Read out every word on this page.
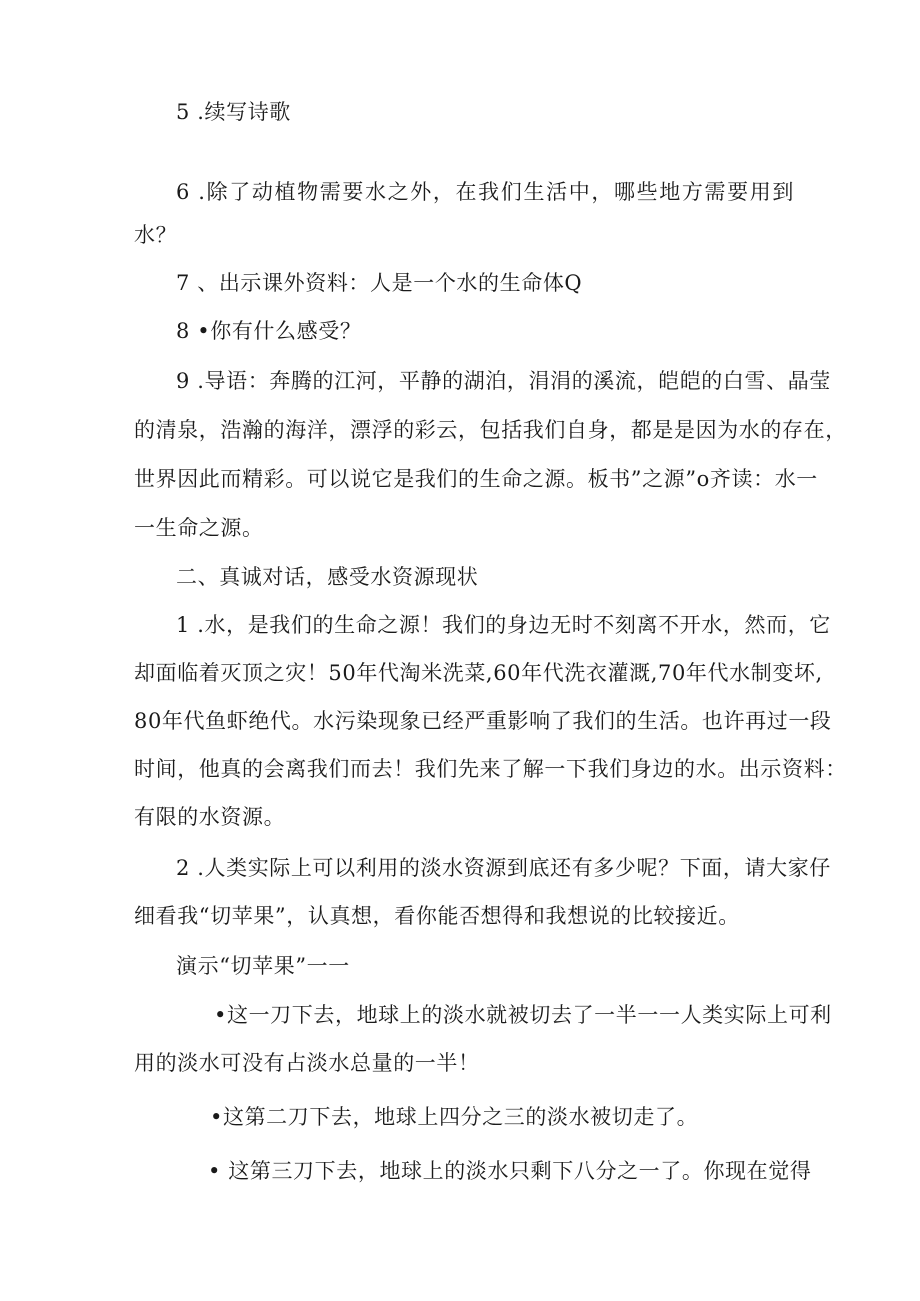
5 .续写诗歌
6 .除了动植物需要水之外，在我们生活中，哪些地方需要用到
水？
7 、出示课外资料：人是一个水的生命体Q
8 •你有什么感受？
9 .导语：奔腾的江河，平静的湖泊，涓涓的溪流，皑皑的白雪、晶莹
的清泉，浩瀚的海洋，漂浮的彩云，包括我们自身，都是是因为水的存在，
世界因此而精彩。可以说它是我们的生命之源。板书”之源”o齐读：水一
一生命之源。
二、真诚对话，感受水资源现状
1 .水，是我们的生命之源！我们的身边无时不刻离不开水，然而，它
却面临着灭顶之灾！50年代淘米洗菜,60年代洗衣灌溉,70年代水制变坏,
80年代鱼虾绝代。水污染现象已经严重影响了我们的生活。也许再过一段
时间，他真的会离我们而去！我们先来了解一下我们身边的水。出示资料：
有限的水资源。
2 .人类实际上可以利用的淡水资源到底还有多少呢？下面，请大家仔
细看我“切苹果”，认真想，看你能否想得和我想说的比较接近。
演示“切苹果”一一
•这一刀下去，地球上的淡水就被切去了一半一一人类实际上可利
用的淡水可没有占淡水总量的一半！
•这第二刀下去，地球上四分之三的淡水被切走了。
• 这第三刀下去，地球上的淡水只剩下八分之一了。你现在觉得
